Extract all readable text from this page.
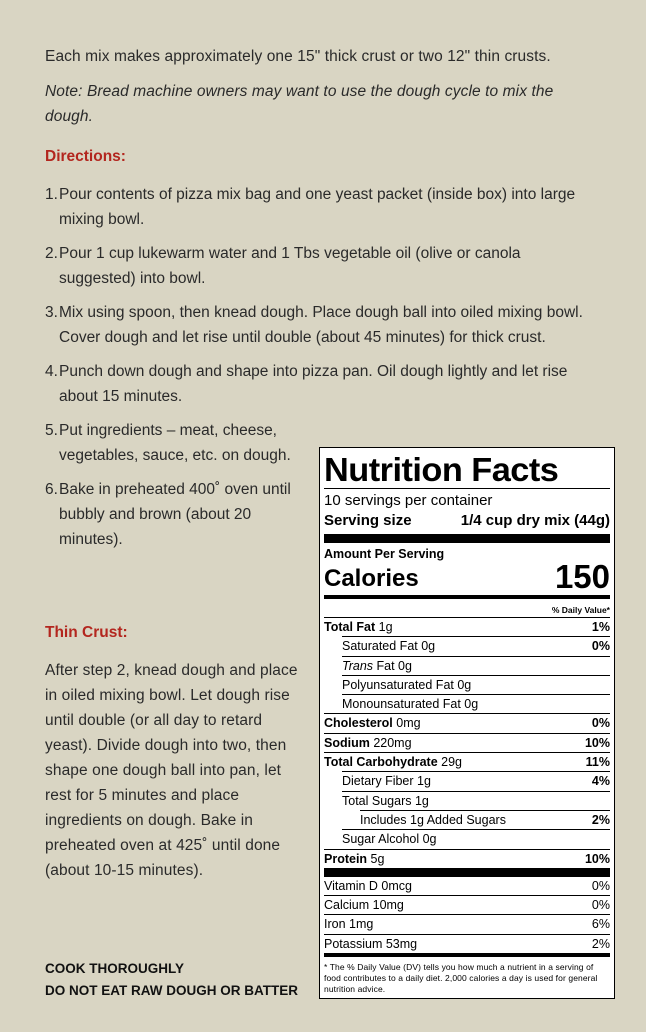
Each mix makes approximately one 15" thick crust or two 12" thin crusts.
Note: Bread machine owners may want to use the dough cycle to mix the dough.
Directions:
1. Pour contents of pizza mix bag and one yeast packet (inside box) into large mixing bowl.
2. Pour 1 cup lukewarm water and 1 Tbs vegetable oil (olive or canola suggested) into bowl.
3. Mix using spoon, then knead dough. Place dough ball into oiled mixing bowl. Cover dough and let rise until double (about 45 minutes) for thick crust.
4. Punch down dough and shape into pizza pan. Oil dough lightly and let rise about 15 minutes.
5. Put ingredients – meat, cheese, vegetables, sauce, etc. on dough.
6. Bake in preheated 400˚ oven until bubbly and brown (about 20 minutes).
Thin Crust:
After step 2, knead dough and place in oiled mixing bowl. Let dough rise until double (or all day to retard yeast). Divide dough into two, then shape one dough ball into pan, let rest for 5 minutes and place ingredients on dough. Bake in preheated oven at 425˚ until done (about 10-15 minutes).
COOK THOROUGHLY
DO NOT EAT RAW DOUGH OR BATTER
Nutrition Facts
10 servings per container
Serving size	1/4 cup dry mix (44g)
Amount Per Serving
Calories	150
% Daily Value*
Total Fat 1g	1%
Saturated Fat 0g	0%
Trans Fat 0g
Polyunsaturated Fat 0g
Monounsaturated Fat 0g
Cholesterol 0mg	0%
Sodium 220mg	10%
Total Carbohydrate 29g	11%
Dietary Fiber 1g	4%
Total Sugars 1g
Includes 1g Added Sugars	2%
Sugar Alcohol 0g
Protein 5g	10%
Vitamin D 0mcg	0%
Calcium 10mg	0%
Iron 1mg	6%
Potassium 53mg	2%
* The % Daily Value (DV) tells you how much a nutrient in a serving of food contributes to a daily diet. 2,000 calories a day is used for general nutrition advice.
